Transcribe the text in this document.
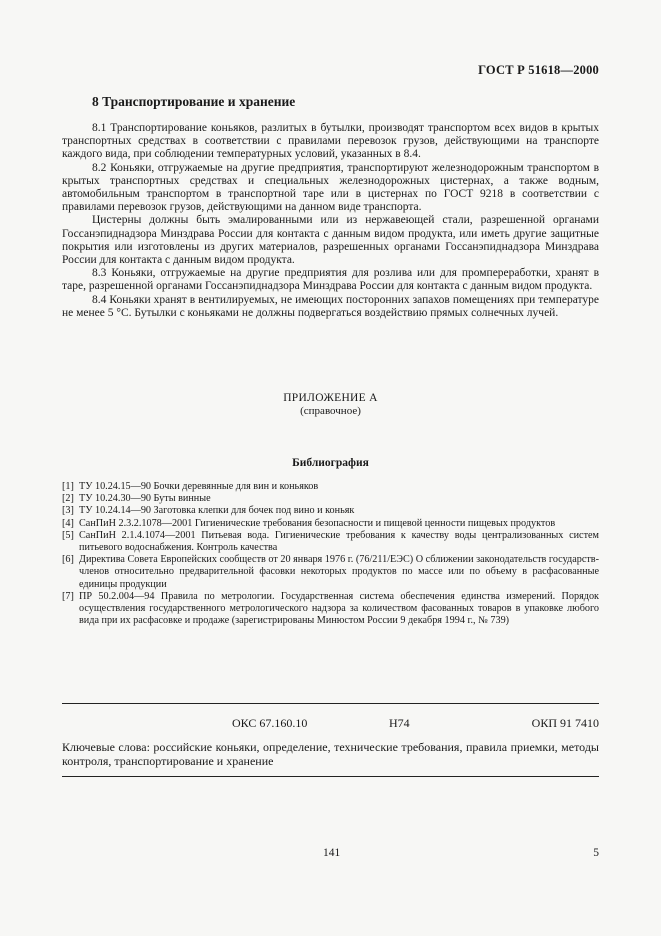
ГОСТ Р 51618—2000
8 Транспортирование и хранение

8.1 Транспортирование коньяков, разлитых в бутылки, производят транспортом всех видов в крытых транспортных средствах в соответствии с правилами перевозок грузов, действующими на транспорте каждого вида, при соблюдении температурных условий, указанных в 8.4.

8.2 Коньяки, отгружаемые на другие предприятия, транспортируют железнодорожным транспортом в крытых транспортных средствах и специальных железнодорожных цистернах, а также водным, автомобильным транспортом в транспортной таре или в цистернах по ГОСТ 9218 в соответствии с правилами перевозок грузов, действующими на данном виде транспорта.

Цистерны должны быть эмалированными или из нержавеющей стали, разрешенной органами Госсанэпиднадзора Минздрава России для контакта с данным видом продукта, или иметь другие защитные покрытия или изготовлены из других материалов, разрешенных органами Госсанэпиднадзора Минздрава России для контакта с данным видом продукта.

8.3 Коньяки, отгружаемые на другие предприятия для розлива или для промпереработки, хранят в таре, разрешенной органами Госсанэпиднадзора Минздрава России для контакта с данным видом продукта.

8.4 Коньяки хранят в вентилируемых, не имеющих посторонних запахов помещениях при температуре не менее 5 °С. Бутылки с коньяками не должны подвергаться воздействию прямых солнечных лучей.

ПРИЛОЖЕНИЕ А
(справочное)
Библиография
[1] ТУ 10.24.15—90 Бочки деревянные для вин и коньяков
[2] ТУ 10.24.30—90 Буты винные
[3] ТУ 10.24.14—90 Заготовка клепки для бочек под вино и коньяк
[4] СанПиН 2.3.2.1078—2001 Гигиенические требования безопасности и пищевой ценности пищевых продуктов
[5] СанПиН 2.1.4.1074—2001 Питьевая вода. Гигиенические требования к качеству воды централизованных систем питьевого водоснабжения. Контроль качества
[6] Директива Совета Европейских сообществ от 20 января 1976 г. (76/211/ЕЭС) О сближении законодательств государств-членов относительно предварительной фасовки некоторых продуктов по массе или по объему в расфасованные единицы продукции
[7] ПР 50.2.004—94 Правила по метрологии. Государственная система обеспечения единства измерений. Порядок осуществления государственного метрологического надзора за количеством фасованных товаров в упаковке любого вида при их расфасовке и продаже (зарегистрированы Минюстом России 9 декабря 1994 г., № 739)
ОКС 67.160.10	Н74	ОКП 91 7410
Ключевые слова: российские коньяки, определение, технические требования, правила приемки, методы контроля, транспортирование и хранение
141	5
